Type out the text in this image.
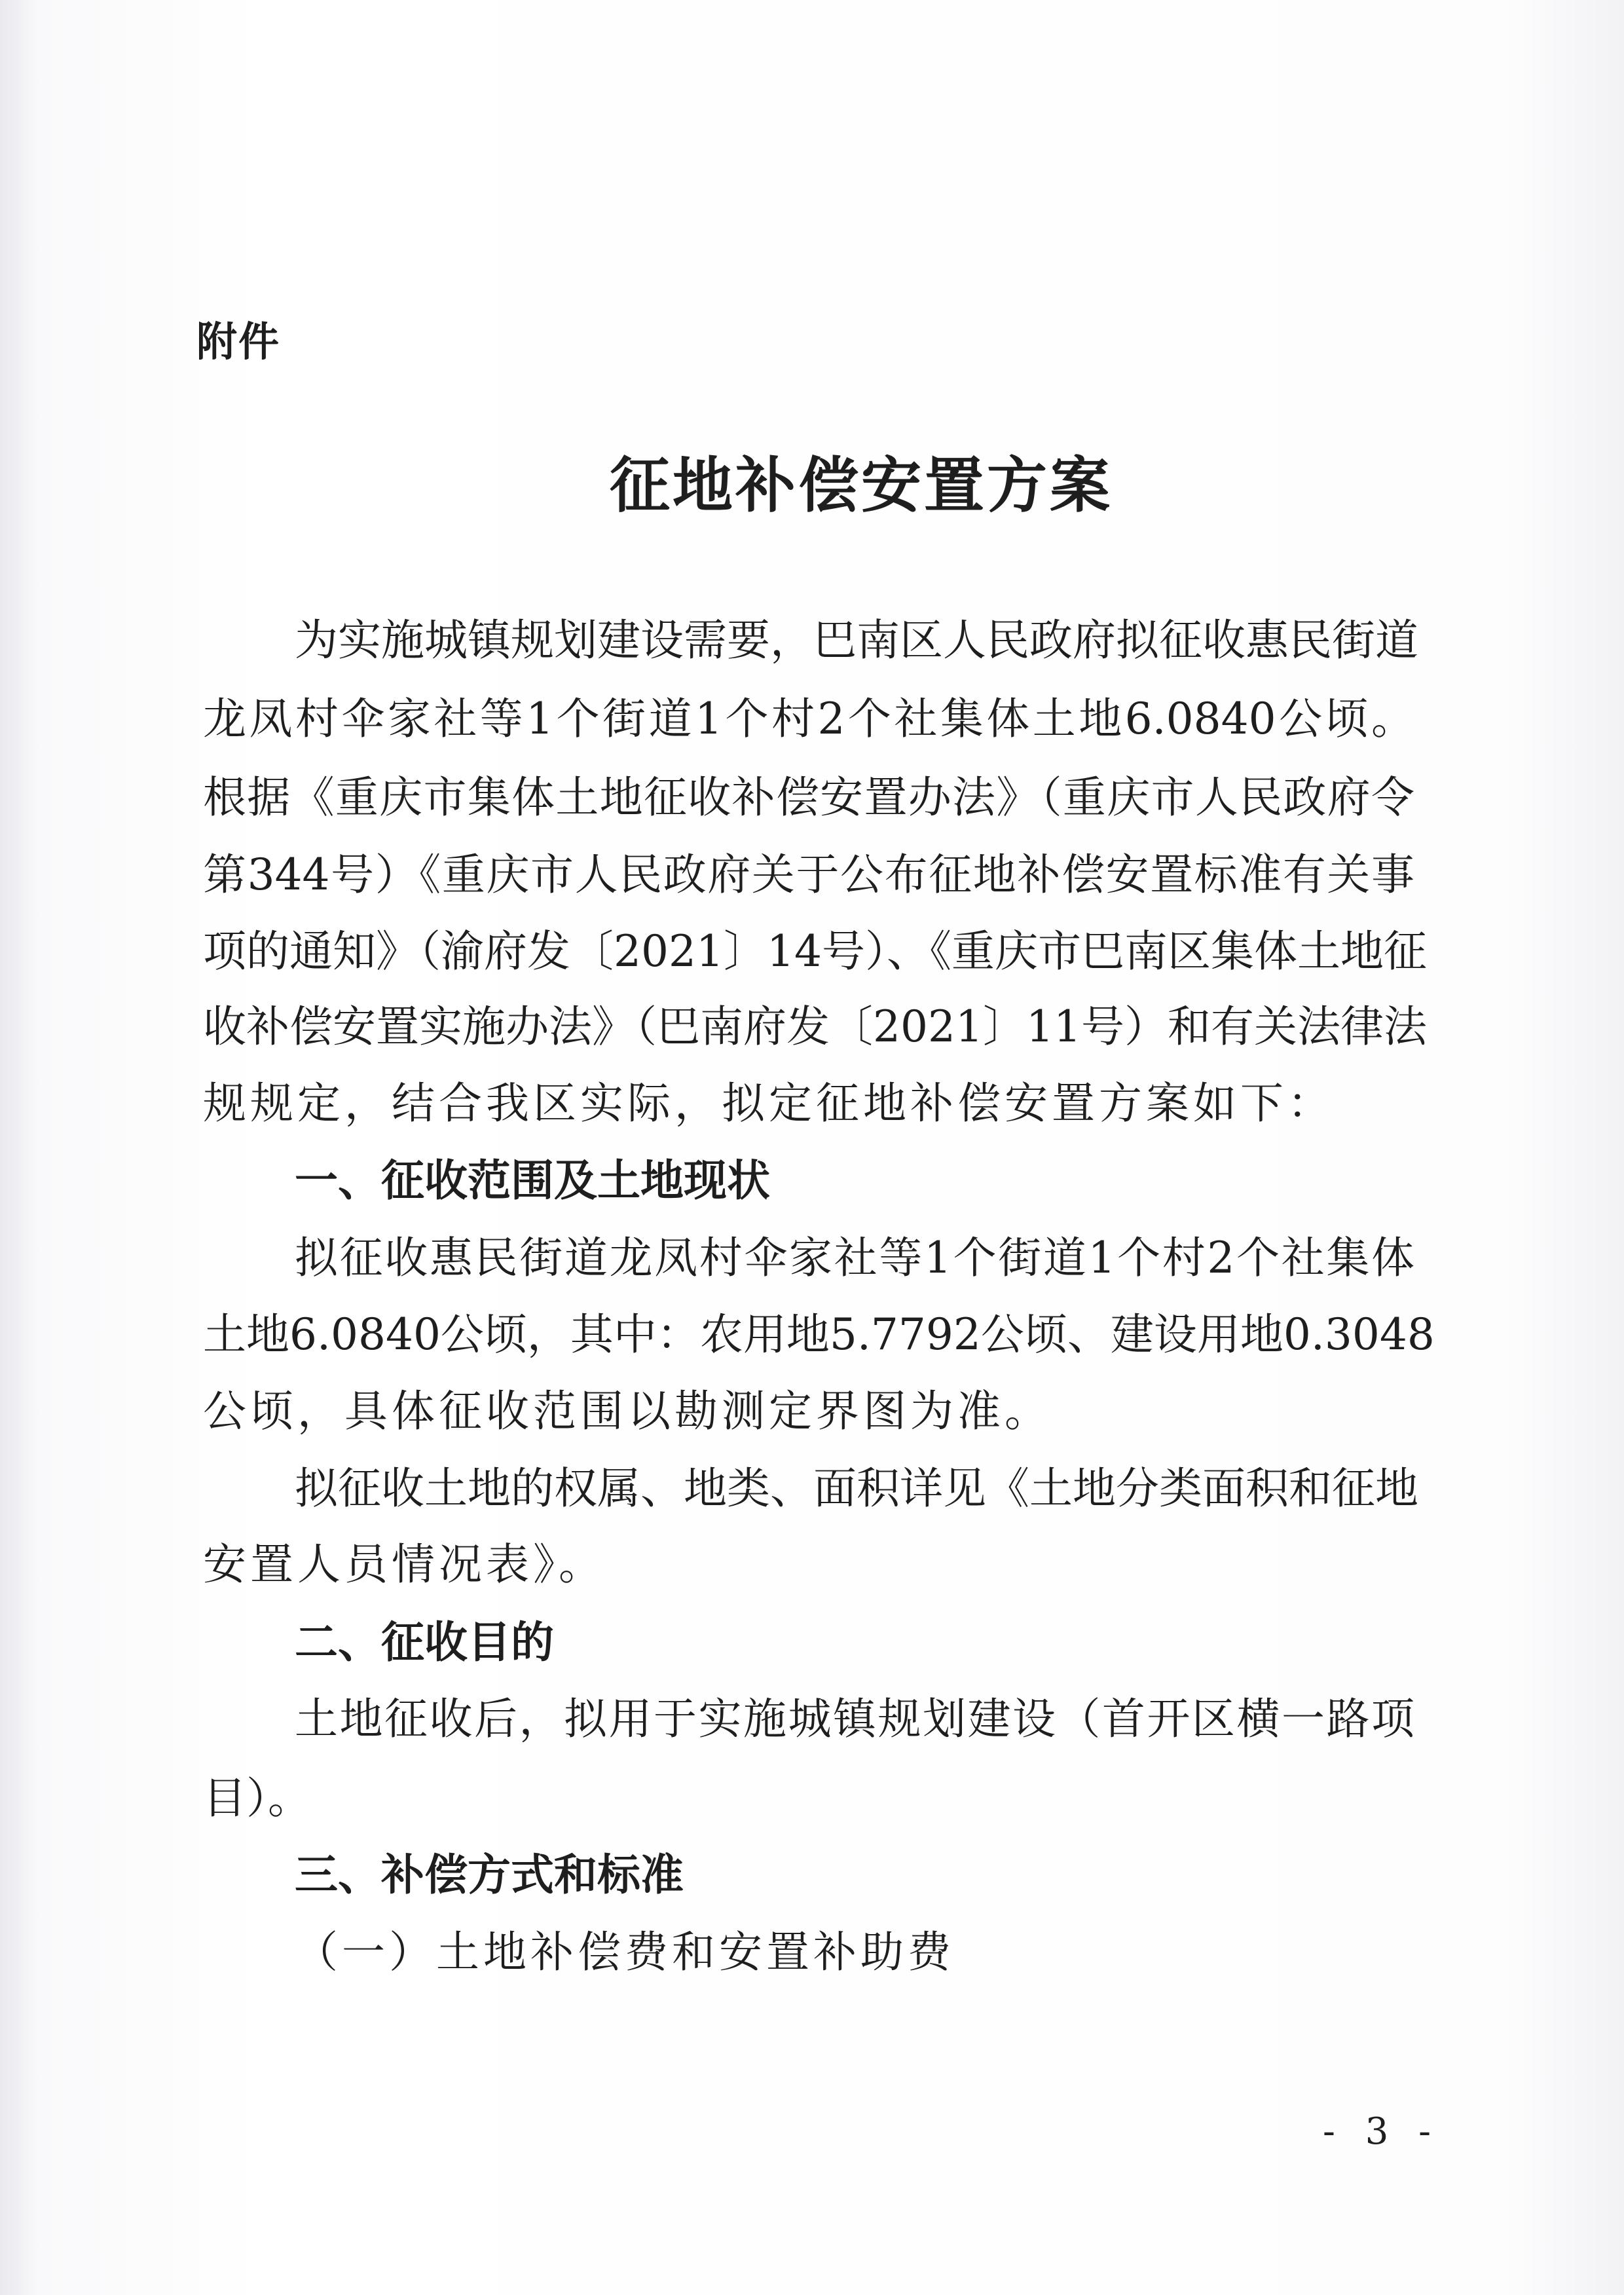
附件
征地补偿安置方案
为实施城镇规划建设需要，巴南区人民政府拟征收惠民街道
龙凤村伞家社等1个街道1个村2个社集体土地6.0840公顷。
根据《重庆市集体土地征收补偿安置办法》（重庆市人民政府令
第344号）《重庆市人民政府关于公布征地补偿安置标准有关事
项的通知》（渝府发〔2021〕14号）、《重庆市巴南区集体土地征
收补偿安置实施办法》（巴南府发〔2021〕11号）和有关法律法
规规定，结合我区实际，拟定征地补偿安置方案如下：
一、征收范围及土地现状
拟征收惠民街道龙凤村伞家社等1个街道1个村2个社集体
土地6.0840公顷，其中：农用地5.7792公顷、建设用地0.3048
公顷，具体征收范围以勘测定界图为准。
拟征收土地的权属、地类、面积详见《土地分类面积和征地
安置人员情况表》。
二、征收目的
土地征收后，拟用于实施城镇规划建设（首开区横一路项
目）。
三、补偿方式和标准
（一）土地补偿费和安置补助费
- 3 -
